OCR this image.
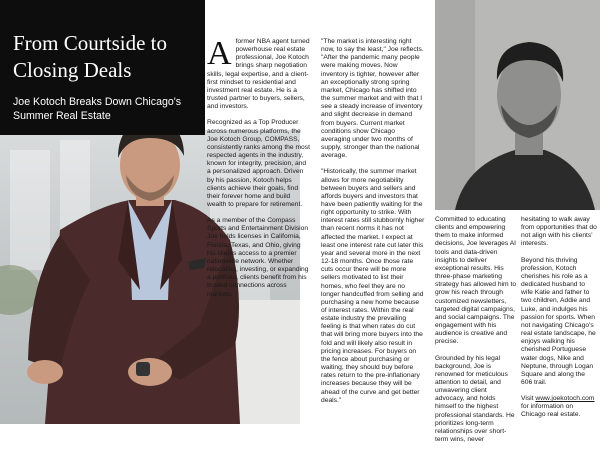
From Courtside to Closing Deals
Joe Kotoch Breaks Down Chicago's Summer Real Estate

Aformer NBA agent turned powerhouse real estate professional, Joe Kotoch brings sharp negotiation skills, legal expertise, and a client-first mindset to residential and investment real estate. He is a trusted partner to buyers, sellers, and investors.

Recognized as a Top Producer across numerous platforms, the Joe Kotoch Group, COMPASS, consistently ranks among the most respected agents in the industry, known for integrity, precision, and a personalized approach. Driven by his passion, Kotoch helps clients achieve their goals, find their forever home and build wealth to prepare for retirement.

As a member of the Compass Sports and Entertainment Division Joe holds licenses in California, Florida, Texas, and Ohio, giving his clients access to a premier nationwide network. Whether relocating, investing, or expanding a portfolio, clients benefit from his trusted connections across markets.

"The market is interesting right now, to say the least," Joe reflects. "After the pandemic many people were making moves. Now inventory is tighter, however after an exceptionally strong spring market, Chicago has shifted into the summer market and with that I see a steady increase of inventory and slight decrease in demand from buyers. Current market conditions show Chicago averaging under two months of supply, stronger than the national average.

"Historically, the summer market allows for more negotiability between buyers and sellers and affords buyers and investors that have been patiently waiting for the right opportunity to strike. With interest rates still stubbornly higher than recent norms it has not affected the market. I expect at least one interest rate cut later this year and several more in the next 12-18 months. Once those rate cuts occur there will be more sellers motivated to list their homes, who feel they are no longer handcuffed from selling and purchasing a new home because of interest rates. Within the real estate industry the prevailing feeling is that when rates do cut that will bring more buyers into the fold and will likely also result in pricing increases. For buyers on the fence about purchasing or waiting, they should buy before rates return to the pre-inflationary increases because they will be ahead of the curve and get better deals."

Committed to educating clients and empowering them to make informed decisions, Joe leverages AI tools and data-driven insights to deliver exceptional results. His three-phase marketing strategy has allowed him to grow his reach through customized newsletters, targeted digital campaigns, and social campaigns. The engagement with his audience is creative and precise.

Grounded by his legal background, Joe is renowned for meticulous attention to detail, and unwavering client advocacy, and holds himself to the highest professional standards. He prioritizes long-term relationships over short-term wins, never

hesitating to walk away from opportunities that do not align with his clients' interests.

Beyond his thriving profession, Kotoch cherishes his role as a dedicated husband to wife Katie and father to two children, Addie and Luke, and indulges his passion for sports. When not navigating Chicago's real estate landscape, he enjoys walking his cherished Portuguese water dogs, Nike and Neptune, through Logan Square and along the 606 trail.

Visit www.joekotoch.com for information on Chicago real estate.
